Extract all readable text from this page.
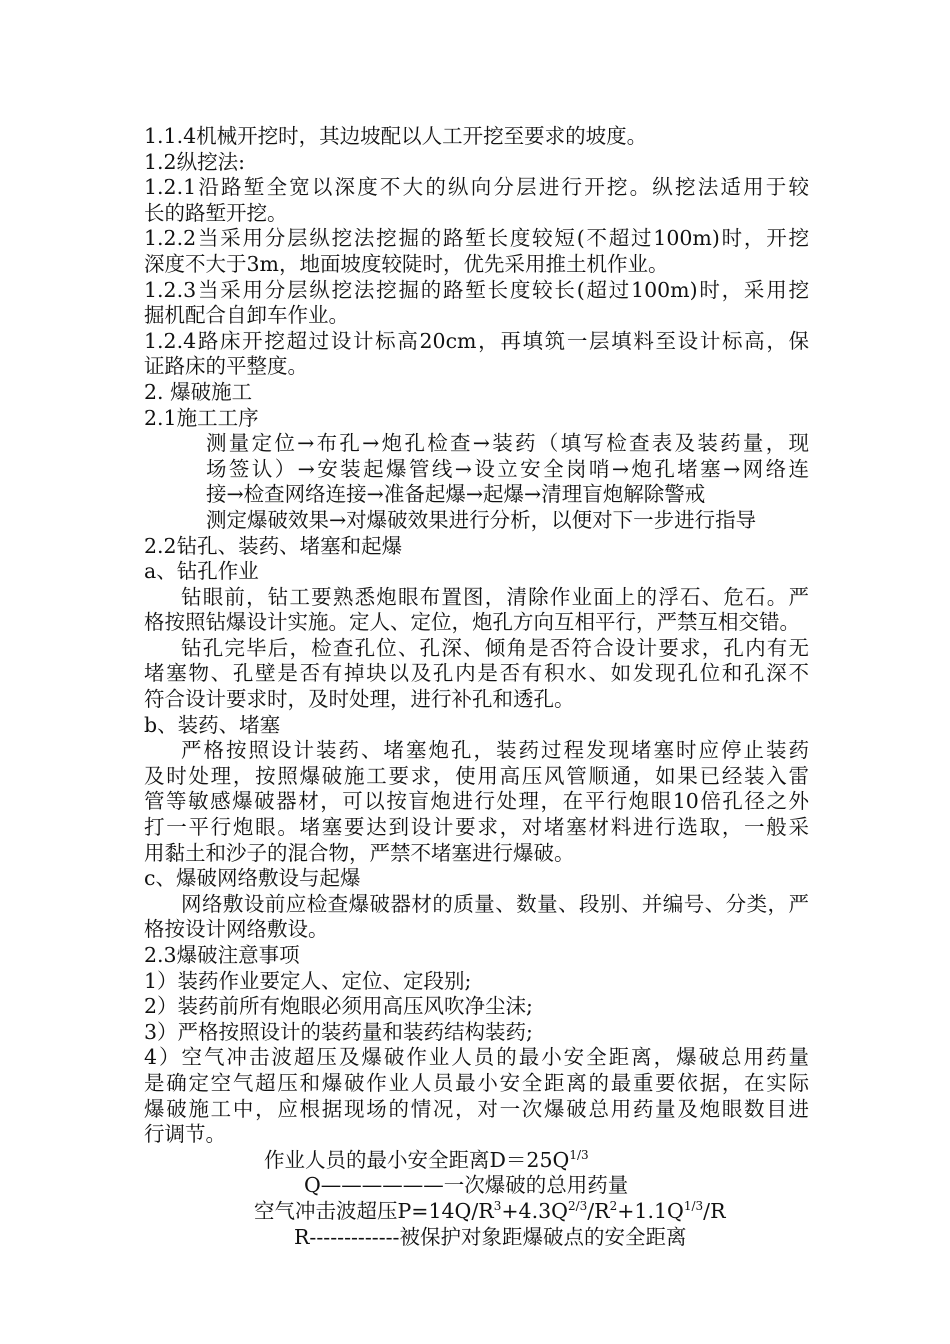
1.1.4机械开挖时，其边坡配以人工开挖至要求的坡度。
1.2纵挖法:
1.2.1沿路堑全宽以深度不大的纵向分层进行开挖。纵挖法适用于较
长的路堑开挖。
1.2.2当采用分层纵挖法挖掘的路堑长度较短(不超过100m)时，开挖
深度不大于3m，地面坡度较陡时，优先采用推土机作业。
1.2.3当采用分层纵挖法挖掘的路堑长度较长(超过100m)时，采用挖
掘机配合自卸车作业。
1.2.4路床开挖超过设计标高20cm，再填筑一层填料至设计标高，保
证路床的平整度。
2. 爆破施工
2.1施工工序
测量定位→布孔→炮孔检查→装药（填写检查表及装药量，现
场签认）→安装起爆管线→设立安全岗哨→炮孔堵塞→网络连
接→检查网络连接→准备起爆→起爆→清理盲炮解除警戒
测定爆破效果→对爆破效果进行分析，以便对下一步进行指导
2.2钻孔、装药、堵塞和起爆
a、钻孔作业
钻眼前，钻工要熟悉炮眼布置图，清除作业面上的浮石、危石。严
格按照钻爆设计实施。定人、定位，炮孔方向互相平行，严禁互相交错。
钻孔完毕后，检查孔位、孔深、倾角是否符合设计要求，孔内有无
堵塞物、孔壁是否有掉块以及孔内是否有积水、如发现孔位和孔深不
符合设计要求时，及时处理，进行补孔和透孔。
b、装药、堵塞
严格按照设计装药、堵塞炮孔，装药过程发现堵塞时应停止装药
及时处理，按照爆破施工要求，使用高压风管顺通，如果已经装入雷
管等敏感爆破器材，可以按盲炮进行处理，在平行炮眼10倍孔径之外
打一平行炮眼。堵塞要达到设计要求，对堵塞材料进行选取，一般采
用黏土和沙子的混合物，严禁不堵塞进行爆破。
c、爆破网络敷设与起爆
网络敷设前应检查爆破器材的质量、数量、段别、并编号、分类，严
格按设计网络敷设。
2.3爆破注意事项
1）装药作业要定人、定位、定段别;
2）装药前所有炮眼必须用高压风吹净尘沫;
3）严格按照设计的装药量和装药结构装药;
4）空气冲击波超压及爆破作业人员的最小安全距离，爆破总用药量
是确定空气超压和爆破作业人员最小安全距离的最重要依据，在实际
爆破施工中，应根据现场的情况，对一次爆破总用药量及炮眼数目进
行调节。
作业人员的最小安全距离$D=25Q^{1/3}$
Q——————一次爆破的总用药量
空气冲击波超压$P=14Q/R^3+4.3Q^{2/3}/R^2+1.1Q^{1/3}/R$
R-------------被保护对象距爆破点的安全距离
